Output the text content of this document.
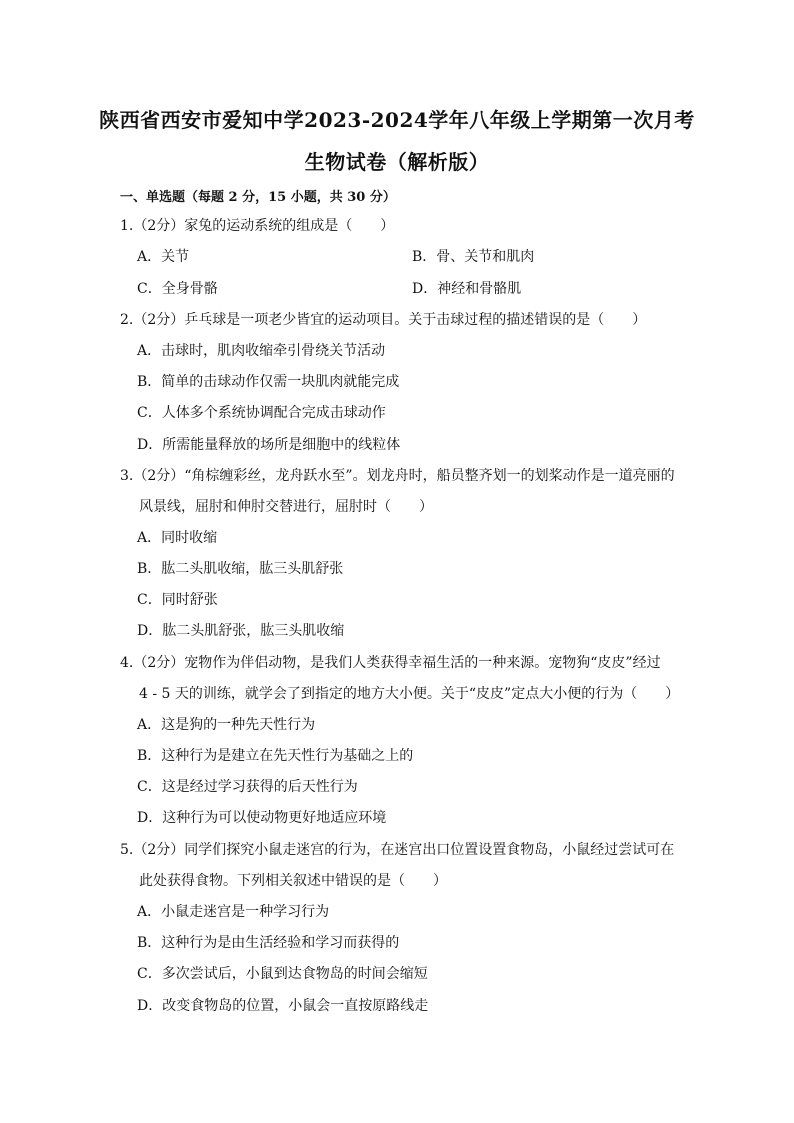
陕西省西安市爱知中学2023-2024学年八年级上学期第一次月考
生物试卷（解析版）
一、单选题（每题 2 分，15 小题，共 30 分）
1.（2分）家兔的运动系统的组成是（　　）
A．关节	B．骨、关节和肌肉
C．全身骨骼	D．神经和骨骼肌
2.（2分）乒乓球是一项老少皆宜的运动项目。关于击球过程的描述错误的是（　　）
A．击球时，肌肉收缩牵引骨绕关节活动
B．简单的击球动作仅需一块肌肉就能完成
C．人体多个系统协调配合完成击球动作
D．所需能量释放的场所是细胞中的线粒体
3.（2分）“角棕缠彩丝，龙舟跃水至”。划龙舟时，船员整齐划一的划桨动作是一道亮丽的
风景线，屈肘和伸肘交替进行，屈肘时（　　）
A．同时收缩
B．肱二头肌收缩，肱三头肌舒张
C．同时舒张
D．肱二头肌舒张，肱三头肌收缩
4.（2分）宠物作为伴侣动物，是我们人类获得幸福生活的一种来源。宠物狗“皮皮”经过
4 - 5 天的训练，就学会了到指定的地方大小便。关于“皮皮”定点大小便的行为（　　）
A．这是狗的一种先天性行为
B．这种行为是建立在先天性行为基础之上的
C．这是经过学习获得的后天性行为
D．这种行为可以使动物更好地适应环境
5.（2分）同学们探究小鼠走迷宫的行为，在迷宫出口位置设置食物岛，小鼠经过尝试可在
此处获得食物。下列相关叙述中错误的是（　　）
A．小鼠走迷宫是一种学习行为
B．这种行为是由生活经验和学习而获得的
C．多次尝试后，小鼠到达食物岛的时间会缩短
D．改变食物岛的位置，小鼠会一直按原路线走
